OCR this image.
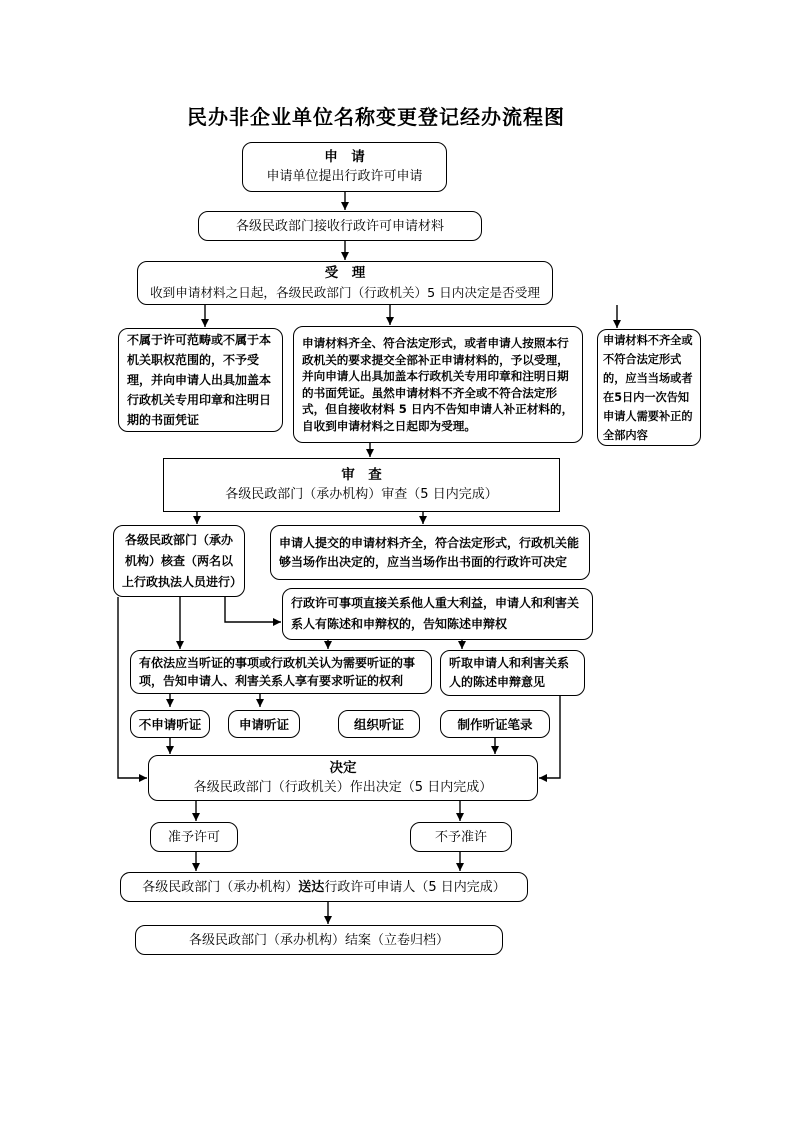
民办非企业单位名称变更登记经办流程图
申　请
申请单位提出行政许可申请
各级民政部门接收行政许可申请材料
受　理
收到申请材料之日起，各级民政部门（行政机关）5 日内决定是否受理
不属于许可范畴或不属于本机关职权范围的，不予受理，并向申请人出具加盖本行政机关专用印章和注明日期的书面凭证
申请材料齐全、符合法定形式，或者申请人按照本行政机关的要求提交全部补正申请材料的，予以受理，并向申请人出具加盖本行政机关专用印章和注明日期的书面凭证。虽然申请材料不齐全或不符合法定形式，但自接收材料 5 日内不告知申请人补正材料的，自收到申请材料之日起即为受理。
申请材料不齐全或不符合法定形式的，应当当场或者在5日内一次告知申请人需要补正的全部内容
审　查
各级民政部门（承办机构）审查（5 日内完成）
各级民政部门（承办机构）核查（两名以上行政执法人员进行）
申请人提交的申请材料齐全，符合法定形式，行政机关能够当场作出决定的，应当当场作出书面的行政许可决定
行政许可事项直接关系他人重大利益，申请人和利害关系人有陈述和申辩权的，告知陈述申辩权
有依法应当听证的事项或行政机关认为需要听证的事项，告知申请人、利害关系人享有要求听证的权利
听取申请人和利害关系人的陈述申辩意见
不申请听证	申请听证	组织听证	制作听证笔录
决定
各级民政部门（行政机关）作出决定（5 日内完成）
准予许可	不予准许
各级民政部门（承办机构） 送达 行政许可申请人（5 日内完成）
各级民政部门（承办机构）结案（立卷归档）
